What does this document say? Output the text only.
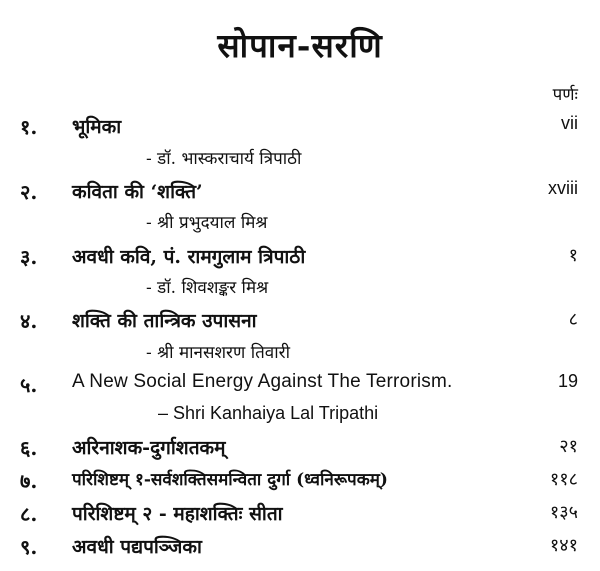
सोपान-सरणि
पर्णः
१. भूमिका	vii
- डॉ. भास्कराचार्य त्रिपाठी
२. कविता की ‘शक्ति’	xviii
- श्री प्रभुदयाल मिश्र
३. अवधी कवि, पं. रामगुलाम त्रिपाठी	१
- डॉ. शिवशङ्कर मिश्र
४. शक्ति की तान्त्रिक उपासना	८
- श्री मानसशरण तिवारी
५. A New Social Energy Against The Terrorism.	19
– Shri Kanhaiya Lal Tripathi
६. अरिनाशक-दुर्गाशतकम्	२१
७. परिशिष्टम् १-सर्वशक्तिसमन्विता दुर्गा (ध्वनिरूपकम्)	११८
८. परिशिष्टम् २ - महाशक्तिः सीता	१३५
९. अवधी पद्यपञ्जिका	१४१
